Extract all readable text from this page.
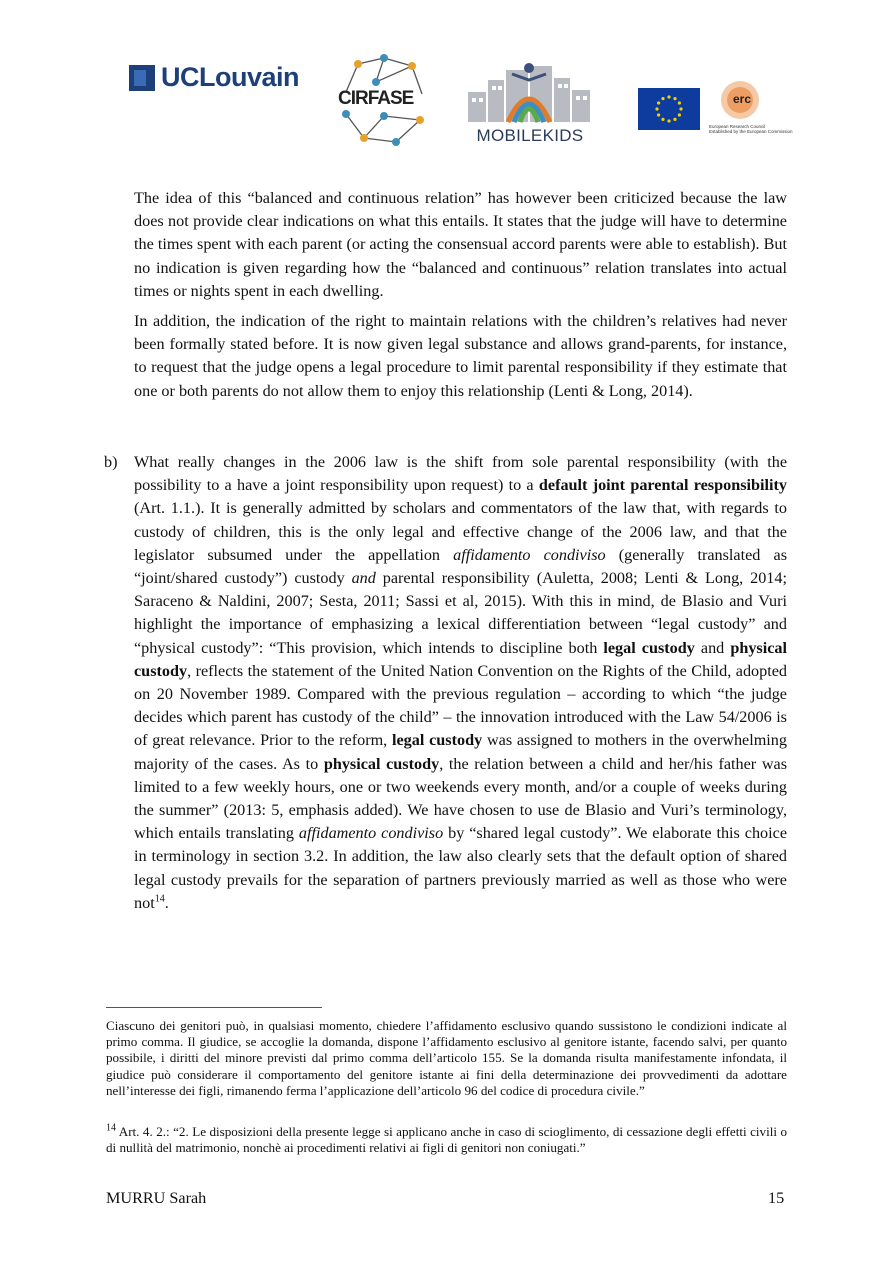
UCLouvain
CIRFASE
MOBILEKIDS
erc
European Research Council
Established by the European Commission

The idea of this “balanced and continuous relation” has however been criticized because the law does not provide clear indications on what this entails. It states that the judge will have to determine the times spent with each parent (or acting the consensual accord parents were able to establish). But no indication is given regarding how the “balanced and continuous” relation translates into actual times or nights spent in each dwelling.

In addition, the indication of the right to maintain relations with the children’s relatives had never been formally stated before. It is now given legal substance and allows grand-parents, for instance, to request that the judge opens a legal procedure to limit parental responsibility if they estimate that one or both parents do not allow them to enjoy this relationship (Lenti & Long, 2014).

b) What really changes in the 2006 law is the shift from sole parental responsibility (with the possibility to a have a joint responsibility upon request) to a default joint parental responsibility (Art. 1.1.). It is generally admitted by scholars and commentators of the law that, with regards to custody of children, this is the only legal and effective change of the 2006 law, and that the legislator subsumed under the appellation affidamento condiviso (generally translated as “joint/shared custody”) custody and parental responsibility (Auletta, 2008; Lenti & Long, 2014; Saraceno & Naldini, 2007; Sesta, 2011; Sassi et al, 2015). With this in mind, de Blasio and Vuri highlight the importance of emphasizing a lexical differentiation between “legal custody” and “physical custody”: “This provision, which intends to discipline both legal custody and physical custody, reflects the statement of the United Nation Convention on the Rights of the Child, adopted on 20 November 1989. Compared with the previous regulation – according to which “the judge decides which parent has custody of the child” – the innovation introduced with the Law 54/2006 is of great relevance. Prior to the reform, legal custody was assigned to mothers in the overwhelming majority of the cases. As to physical custody, the relation between a child and her/his father was limited to a few weekly hours, one or two weekends every month, and/or a couple of weeks during the summer” (2013: 5, emphasis added). We have chosen to use de Blasio and Vuri’s terminology, which entails translating affidamento condiviso by “shared legal custody”. We elaborate this choice in terminology in section 3.2. In addition, the law also clearly sets that the default option of shared legal custody prevails for the separation of partners previously married as well as those who were not$^{14}$.

Ciascuno dei genitori può, in qualsiasi momento, chiedere l’affidamento esclusivo quando sussistono le condizioni indicate al primo comma. Il giudice, se accoglie la domanda, dispone l’affidamento esclusivo al genitore istante, facendo salvi, per quanto possibile, i diritti del minore previsti dal primo comma dell’articolo 155. Se la domanda risulta manifestamente infondata, il giudice può considerare il comportamento del genitore istante ai fini della determinazione dei provvedimenti da adottare nell’interesse dei figli, rimanendo ferma l’applicazione dell’articolo 96 del codice di procedura civile.”

$^{14}$ Art. 4. 2.: “2. Le disposizioni della presente legge si applicano anche in caso di scioglimento, di cessazione degli effetti civili o di nullità del matrimonio, nonchè ai procedimenti relativi ai figli di genitori non coniugati.”

MURRU Sarah	15
